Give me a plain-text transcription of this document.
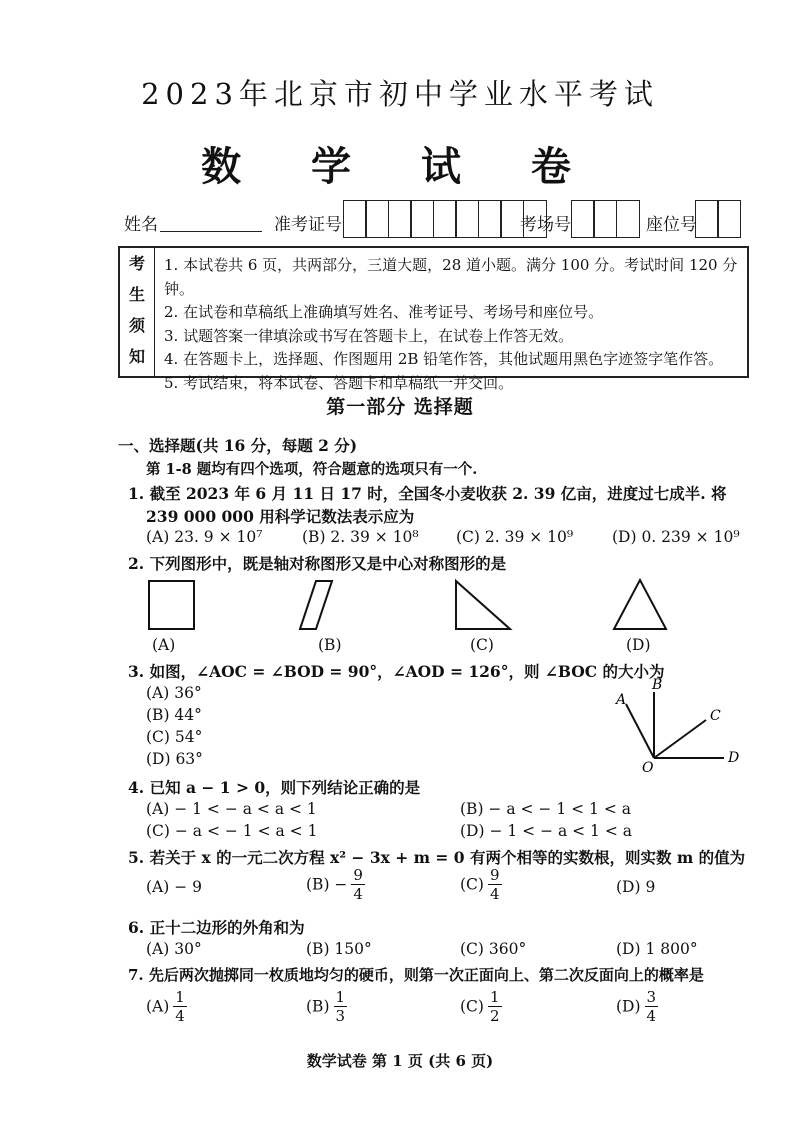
2023年北京市初中学业水平考试
数 学 试 卷
姓名	准考证号	考场号	座位号
考
生
须
知
1. 本试卷共 6 页，共两部分，三道大题，28 道小题。满分 100 分。考试时间 120 分钟。
2. 在试卷和草稿纸上准确填写姓名、准考证号、考场号和座位号。
3. 试题答案一律填涂或书写在答题卡上，在试卷上作答无效。
4. 在答题卡上，选择题、作图题用 2B 铅笔作答，其他试题用黑色字迹签字笔作答。
5. 考试结束，将本试卷、答题卡和草稿纸一并交回。
第一部分 选择题
一、选择题(共 16 分，每题 2 分)
第 1-8 题均有四个选项，符合题意的选项只有一个.
1. 截至 2023 年 6 月 11 日 17 时，全国冬小麦收获 2. 39 亿亩，进度过七成半. 将
239 000 000 用科学记数法表示应为
(A) 23. 9 × 10⁷	(B) 2. 39 × 10⁸ (C) 2. 39 × 10⁹	(D) 0. 239 × 10⁹
2. 下列图形中，既是轴对称图形又是中心对称图形的是
(A)	(B)	(C)	(D)
3. 如图，∠AOC = ∠BOD = 90°，∠AOD = 126°，则 ∠BOC 的大小为
(A) 36°
(B) 44°
(C) 54°
(D) 63°
A
B
C
D
O
4. 已知 a − 1 > 0，则下列结论正确的是
(A) − 1 < − a < a < 1	(B) − a < − 1 < 1 < a
(C) − a < − 1 < a < 1	(D) − 1 < − a < 1 < a
5. 若关于 x 的一元二次方程 x² − 3x + m = 0 有两个相等的实数根，则实数 m 的值为
(A) − 9	$(B) - \frac{9}{4}$	$(C) \frac{9}{4}$	(D) 9
6. 正十二边形的外角和为
(A) 30°	(B) 150°	(C) 360°	(D) 1 800°
7. 先后两次抛掷同一枚质地均匀的硬币，则第一次正面向上、第二次反面向上的概率是
$(A) \frac{1}{4}$	$(B) \frac{1}{3}$	$(C) \frac{1}{2}$	$(D) \frac{3}{4}$
数学试卷 第 1 页 (共 6 页)
